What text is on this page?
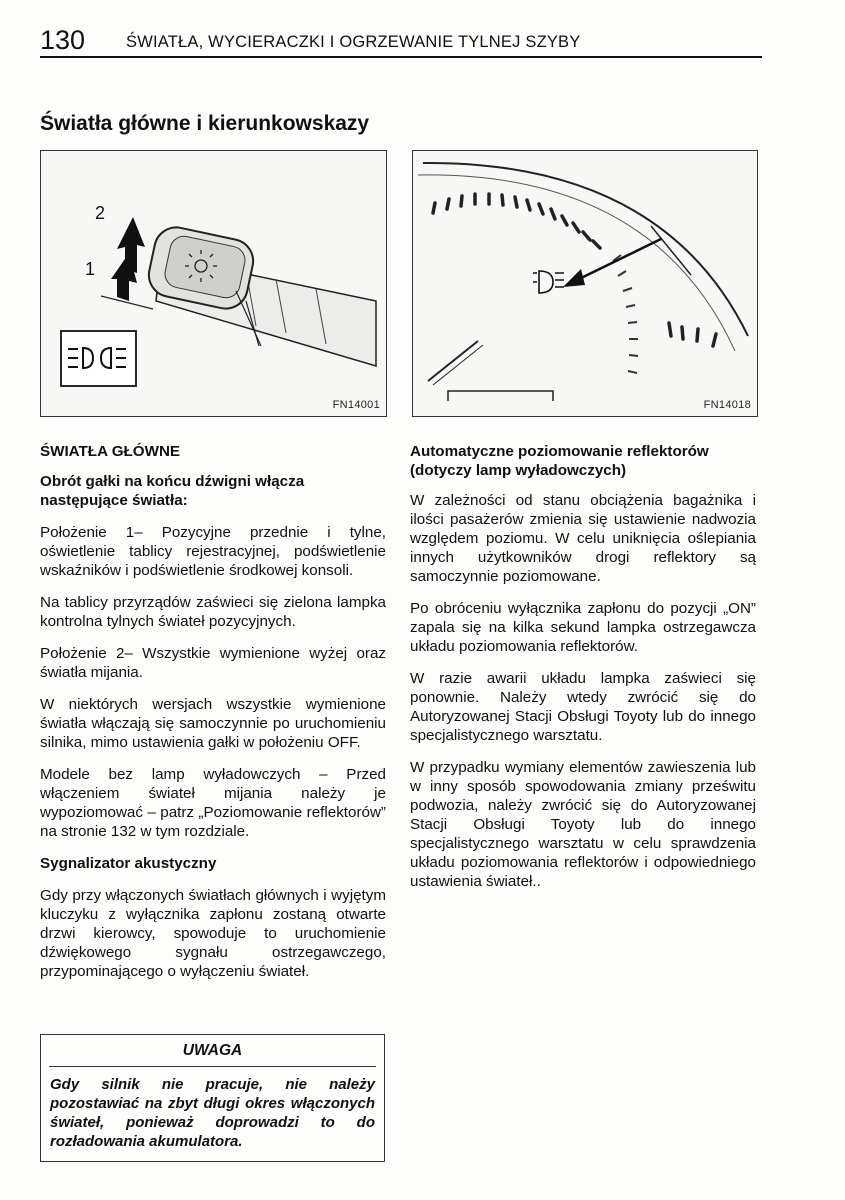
130 ŚWIATŁA, WYCIERACZKI I OGRZEWANIE TYLNEJ SZYBY
Światła główne i kierunkowskazy
2
1
FN14001	FN14018

ŚWIATŁA GŁÓWNE

Obrót gałki na końcu dźwigni włącza następujące światła:

Położenie 1– Pozycyjne przednie i tylne, oświetlenie tablicy rejestracyjnej, podświetlenie wskaźników i podświetlenie środkowej konsoli.

Na tablicy przyrządów zaświeci się zielona lampka kontrolna tylnych świateł pozycyjnych.

Położenie 2– Wszystkie wymienione wyżej oraz światła mijania.

W niektórych wersjach wszystkie wymienione światła włączają się samoczynnie po uruchomieniu silnika, mimo ustawienia gałki w położeniu OFF.

Modele bez lamp wyładowczych – Przed włączeniem świateł mijania należy je wypoziomować – patrz „Poziomowanie reflektorów” na stronie 132 w tym rozdziale.

Sygnalizator akustyczny

Gdy przy włączonych światłach głównych i wyjętym kluczyku z wyłącznika zapłonu zostaną otwarte drzwi kierowcy, spowoduje to uruchomienie dźwiękowego sygnału ostrzegawczego, przypominającego o wyłączeniu świateł.

UWAGA
Gdy silnik nie pracuje, nie należy pozostawiać na zbyt długi okres włączonych świateł, ponieważ doprowadzi to do rozładowania akumulatora.

Automatyczne poziomowanie reflektorów (dotyczy lamp wyładowczych)

W zależności od stanu obciążenia bagażnika i ilości pasażerów zmienia się ustawienie nadwozia względem poziomu. W celu uniknięcia oślepiania innych użytkowników drogi reflektory są samoczynnie poziomowane.

Po obróceniu wyłącznika zapłonu do pozycji „ON” zapala się na kilka sekund lampka ostrzegawcza układu poziomowania reflektorów.

W razie awarii układu lampka zaświeci się ponownie. Należy wtedy zwrócić się do Autoryzowanej Stacji Obsługi Toyoty lub do innego specjalistycznego warsztatu.

W przypadku wymiany elementów zawieszenia lub w inny sposób spowodowania zmiany prześwitu podwozia, należy zwrócić się do Autoryzowanej Stacji Obsługi Toyoty lub do innego specjalistycznego warsztatu w celu sprawdzenia układu poziomowania reflektorów i odpowiedniego ustawienia świateł..
